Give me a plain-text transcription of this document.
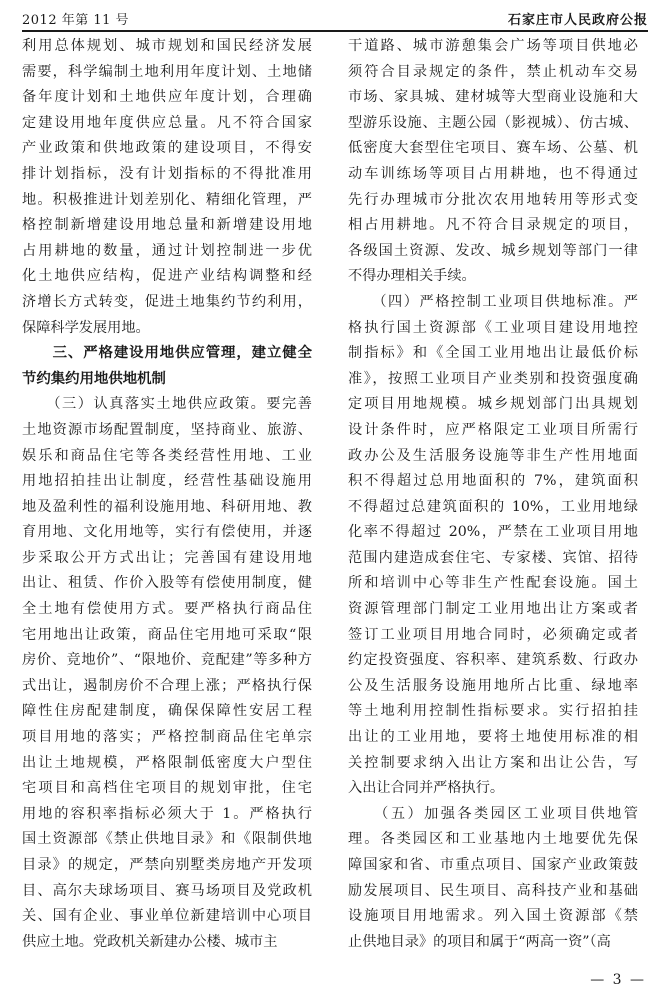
2012 年第 11 号	石家庄市人民政府公报
利用总体规划、城市规划和国民经济发展
需要，科学编制土地利用年度计划、土地储
备年度计划和土地供应年度计划，合理确
定建设用地年度供应总量。凡不符合国家
产业政策和供地政策的建设项目，不得安
排计划指标，没有计划指标的不得批准用
地。积极推进计划差别化、精细化管理，严
格控制新增建设用地总量和新增建设用地
占用耕地的数量，通过计划控制进一步优
化土地供应结构，促进产业结构调整和经
济增长方式转变，促进土地集约节约利用，
保障科学发展用地。
　　三、严格建设用地供应管理，建立健全
节约集约用地供地机制
　　（三）认真落实土地供应政策。要完善
土地资源市场配置制度，坚持商业、旅游、
娱乐和商品住宅等各类经营性用地、工业
用地招拍挂出让制度，经营性基础设施用
地及盈利性的福利设施用地、科研用地、教
育用地、文化用地等，实行有偿使用，并逐
步采取公开方式出让；完善国有建设用地
出让、租赁、作价入股等有偿使用制度，健
全土地有偿使用方式。要严格执行商品住
宅用地出让政策，商品住宅用地可采取“限
房价、竞地价”、“限地价、竞配建”等多种方
式出让，遏制房价不合理上涨；严格执行保
障性住房配建制度，确保保障性安居工程
项目用地的落实；严格控制商品住宅单宗
出让土地规模，严格限制低密度大户型住
宅项目和高档住宅项目的规划审批，住宅
用地的容积率指标必须大于 1。严格执行
国土资源部《禁止供地目录》和《限制供地
目录》的规定，严禁向别墅类房地产开发项
目、高尔夫球场项目、赛马场项目及党政机
关、国有企业、事业单位新建培训中心项目
供应土地。党政机关新建办公楼、城市主
干道路、城市游憩集会广场等项目供地必
须符合目录规定的条件，禁止机动车交易
市场、家具城、建材城等大型商业设施和大
型游乐设施、主题公园（影视城）、仿古城、
低密度大套型住宅项目、赛车场、公墓、机
动车训练场等项目占用耕地，也不得通过
先行办理城市分批次农用地转用等形式变
相占用耕地。凡不符合目录规定的项目，
各级国土资源、发改、城乡规划等部门一律
不得办理相关手续。
　　（四）严格控制工业项目供地标准。严
格执行国土资源部《工业项目建设用地控
制指标》和《全国工业用地出让最低价标
准》，按照工业项目产业类别和投资强度确
定项目用地规模。城乡规划部门出具规划
设计条件时，应严格限定工业项目所需行
政办公及生活服务设施等非生产性用地面
积不得超过总用地面积的 7%，建筑面积
不得超过总建筑面积的 10%，工业用地绿
化率不得超过 20%，严禁在工业项目用地
范围内建造成套住宅、专家楼、宾馆、招待
所和培训中心等非生产性配套设施。国土
资源管理部门制定工业用地出让方案或者
签订工业项目用地合同时，必须确定或者
约定投资强度、容积率、建筑系数、行政办
公及生活服务设施用地所占比重、绿地率
等土地利用控制性指标要求。实行招拍挂
出让的工业用地，要将土地使用标准的相
关控制要求纳入出让方案和出让公告，写
入出让合同并严格执行。
　　（五）加强各类园区工业项目供地管
理。各类园区和工业基地内土地要优先保
障国家和省、市重点项目、国家产业政策鼓
励发展项目、民生项目、高科技产业和基础
设施项目用地需求。列入国土资源部《禁
止供地目录》的项目和属于“两高一资”（高
— 3 —
